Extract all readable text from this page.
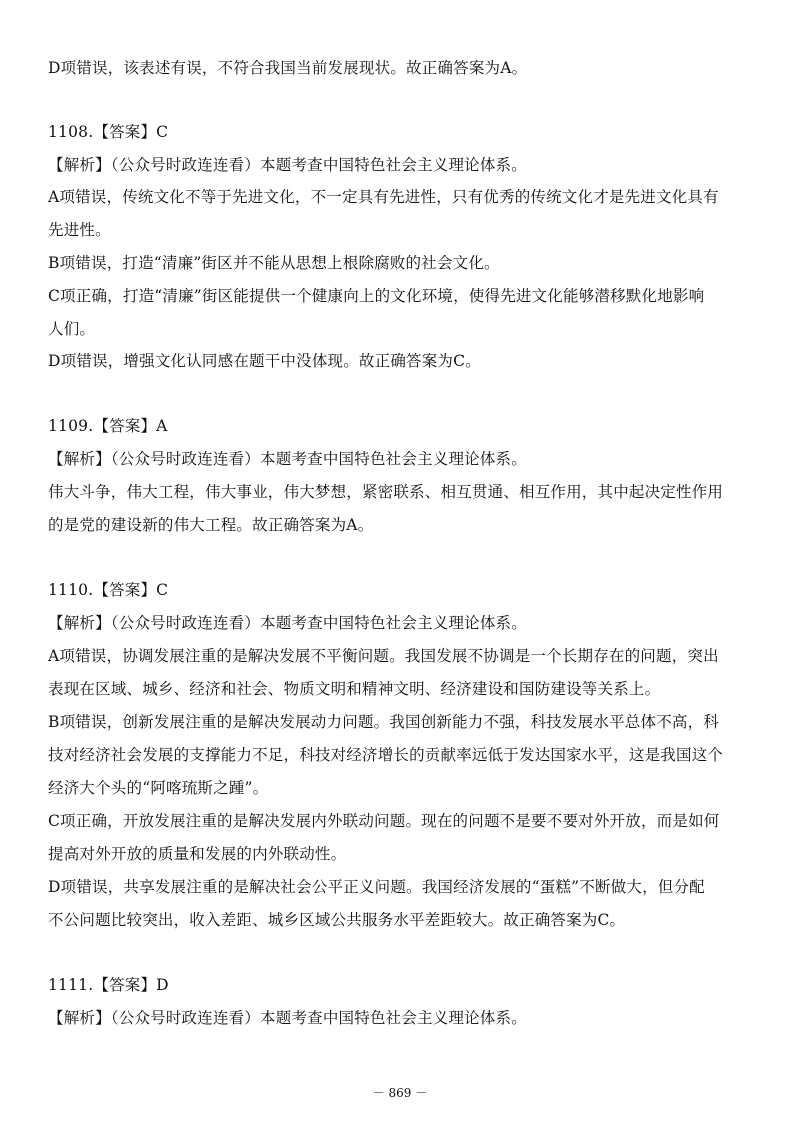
D项错误，该表述有误，不符合我国当前发展现状。故正确答案为A。
1108.【答案】C
【解析】（公众号时政连连看）本题考查中国特色社会主义理论体系。
A项错误，传统文化不等于先进文化，不一定具有先进性，只有优秀的传统文化才是先进文化具有
先进性。
B项错误，打造“清廉”街区并不能从思想上根除腐败的社会文化。
C项正确，打造“清廉”街区能提供一个健康向上的文化环境，使得先进文化能够潜移默化地影响
人们。
D项错误，增强文化认同感在题干中没体现。故正确答案为C。
1109.【答案】A
【解析】（公众号时政连连看）本题考查中国特色社会主义理论体系。
伟大斗争，伟大工程，伟大事业，伟大梦想，紧密联系、相互贯通、相互作用，其中起决定性作用
的是党的建设新的伟大工程。故正确答案为A。
1110.【答案】C
【解析】（公众号时政连连看）本题考查中国特色社会主义理论体系。
A项错误，协调发展注重的是解决发展不平衡问题。我国发展不协调是一个长期存在的问题，突出
表现在区域、城乡、经济和社会、物质文明和精神文明、经济建设和国防建设等关系上。
B项错误，创新发展注重的是解决发展动力问题。我国创新能力不强，科技发展水平总体不高，科
技对经济社会发展的支撑能力不足，科技对经济增长的贡献率远低于发达国家水平，这是我国这个
经济大个头的“阿喀琉斯之踵”。
C项正确，开放发展注重的是解决发展内外联动问题。现在的问题不是要不要对外开放，而是如何
提高对外开放的质量和发展的内外联动性。
D项错误，共享发展注重的是解决社会公平正义问题。我国经济发展的“蛋糕”不断做大，但分配
不公问题比较突出，收入差距、城乡区域公共服务水平差距较大。故正确答案为C。
1111.【答案】D
【解析】（公众号时政连连看）本题考查中国特色社会主义理论体系。
－ 869 －
